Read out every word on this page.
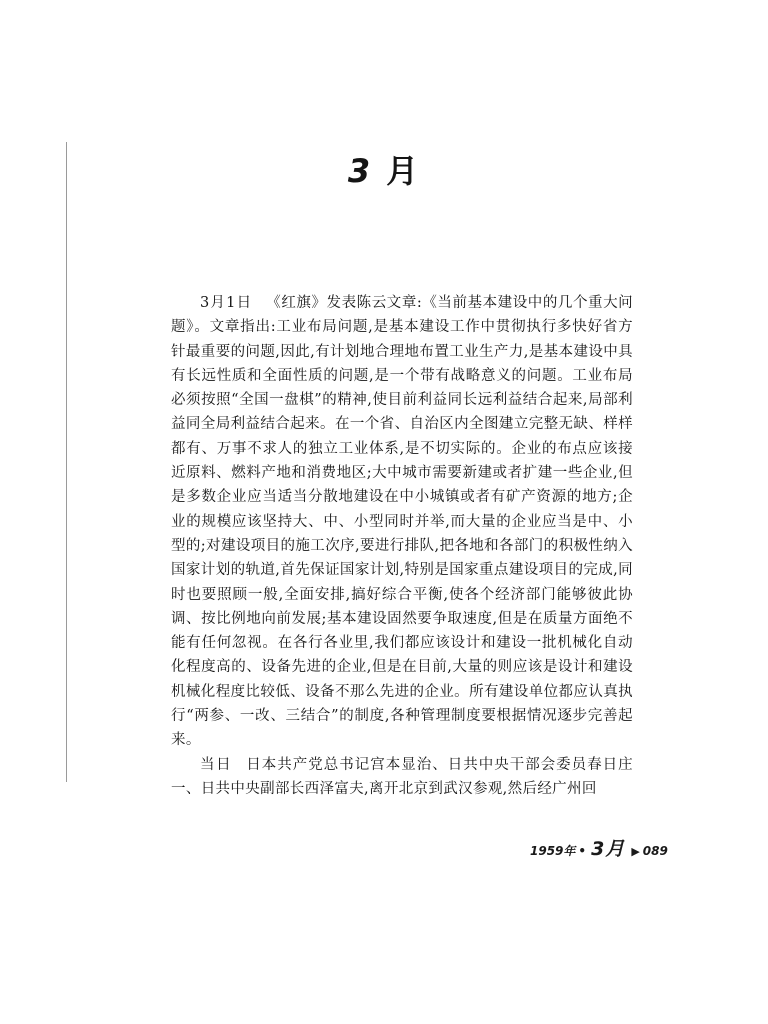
3 月

3月1日 《红旗》发表陈云文章:《当前基本建设中的几个重大问题》。文章指出:工业布局问题,是基本建设工作中贯彻执行多快好省方针最重要的问题,因此,有计划地合理地布置工业生产力,是基本建设中具有长远性质和全面性质的问题,是一个带有战略意义的问题。工业布局必须按照“全国一盘棋”的精神,使目前利益同长远利益结合起来,局部利益同全局利益结合起来。在一个省、自治区内全图建立完整无缺、样样都有、万事不求人的独立工业体系,是不切实际的。企业的布点应该接近原料、燃料产地和消费地区;大中城市需要新建或者扩建一些企业,但是多数企业应当适当分散地建设在中小城镇或者有矿产资源的地方;企业的规模应该坚持大、中、小型同时并举,而大量的企业应当是中、小型的;对建设项目的施工次序,要进行排队,把各地和各部门的积极性纳入国家计划的轨道,首先保证国家计划,特别是国家重点建设项目的完成,同时也要照顾一般,全面安排,搞好综合平衡,使各个经济部门能够彼此协调、按比例地向前发展;基本建设固然要争取速度,但是在质量方面绝不能有任何忽视。在各行各业里,我们都应该设计和建设一批机械化自动化程度高的、设备先进的企业,但是在目前,大量的则应该是设计和建设机械化程度比较低、设备不那么先进的企业。所有建设单位都应认真执行“两参、一改、三结合”的制度,各种管理制度要根据情况逐步完善起来。

当日 日本共产党总书记宫本显治、日共中央干部会委员春日庄一、日共中央副部长西泽富夫,离开北京到武汉参观,然后经广州回

1959年 • 3月 ▶ 089
